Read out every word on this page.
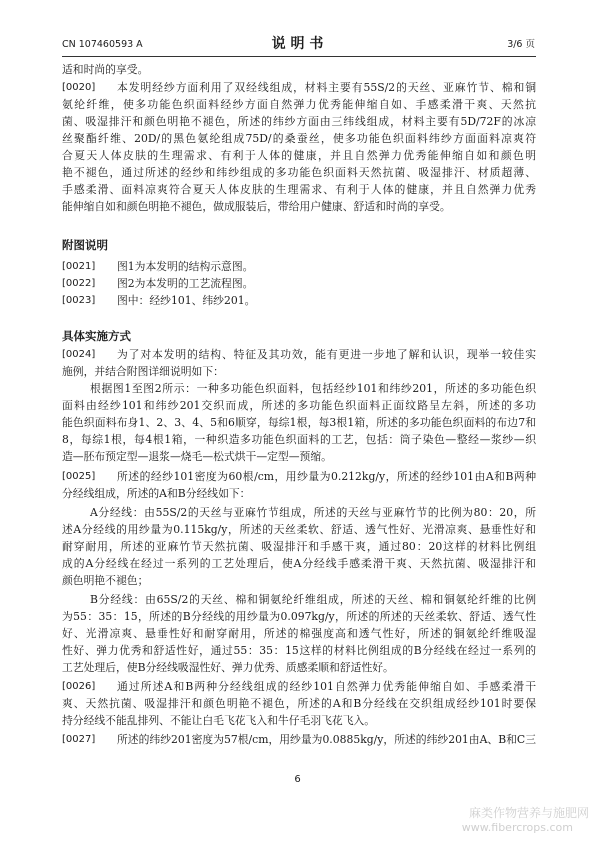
CN 107460593 A	说 明 书	3/6 页
适和时尚的享受。
[0020]	本发明经纱方面利用了双经线组成，材料主要有55S/2的天丝、亚麻竹节、棉和铜
氨纶纤维，使多功能色织面料经纱方面自然弹力优秀能伸缩自如、手感柔滑干爽、天然抗
菌、吸湿排汗和颜色明艳不褪色，所述的纬纱方面由三纬线组成，材料主要有5D/72F的冰凉
丝聚酯纤维、20D/的黑色氨纶组成75D/的桑蚕丝，使多功能色织面料纬纱方面面料凉爽符
合夏天人体皮肤的生理需求、有利于人体的健康，并且自然弹力优秀能伸缩自如和颜色明
艳不褪色，通过所述的经纱和纬纱组成的多功能色织面料天然抗菌、吸湿排汗、材质超薄、
手感柔滑、面料凉爽符合夏天人体皮肤的生理需求、有利于人体的健康，并且自然弹力优秀
能伸缩自如和颜色明艳不褪色，做成服装后，带给用户健康、舒适和时尚的享受。
附图说明
[0021]	图1为本发明的结构示意图。
[0022]	图2为本发明的工艺流程图。
[0023]	图中：经纱101、纬纱201。
具体实施方式
[0024]	为了对本发明的结构、特征及其功效，能有更进一步地了解和认识，现举一较佳实
施例，并结合附图详细说明如下：
根据图1至图2所示：一种多功能色织面料，包括经纱101和纬纱201，所述的多功能色织
面料由经纱101和纬纱201交织而成，所述的多功能色织面料正面纹路呈左斜，所述的多功
能色织面料布身1、2、3、4、5和6顺穿，每综1根，每3根1箱，所述的多功能色织面料的布边7和
8，每综1根，每4根1箱，一种织造多功能色织面料的工艺，包括：筒子染色—整经—浆纱—织
造—胚布预定型—退浆—烧毛—松式烘干—定型—预缩。
[0025]	所述的经纱101密度为60根/cm，用纱量为0.212kg/y，所述的经纱101由A和B两种
分经线组成，所述的A和B分经线如下：
A分经线：由55S/2的天丝与亚麻竹节组成，所述的天丝与亚麻竹节的比例为80：20，所
述A分经线的用纱量为0.115kg/y，所述的天丝柔软、舒适、透气性好、光滑凉爽、悬垂性好和
耐穿耐用，所述的亚麻竹节天然抗菌、吸湿排汗和手感干爽，通过80：20这样的材料比例组
成的A分经线在经过一系列的工艺处理后，使A分经线手感柔滑干爽、天然抗菌、吸湿排汗和
颜色明艳不褪色；
B分经线：由65S/2的天丝、棉和铜氨纶纤维组成，所述的天丝、棉和铜氨纶纤维的比例
为55：35：15，所述的B分经线的用纱量为0.097kg/y，所述的所述的天丝柔软、舒适、透气性
好、光滑凉爽、悬垂性好和耐穿耐用，所述的棉强度高和透气性好，所述的铜氨纶纤维吸湿
性好、弹力优秀和舒适性好，通过55：35：15这样的材料比例组成的B分经线在经过一系列的
工艺处理后，使B分经线吸湿性好、弹力优秀、质感柔顺和舒适性好。
[0026]	通过所述A和B两种分经线组成的经纱101自然弹力优秀能伸缩自如、手感柔滑干
爽、天然抗菌、吸湿排汗和颜色明艳不褪色，所述的A和B分经线在交织组成经纱101时要保
持分经线不能乱排列、不能让白毛飞花飞入和牛仔毛羽飞花飞入。
[0027]	所述的纬纱201密度为57根/cm，用纱量为0.0885kg/y，所述的纬纱201由A、B和C三
6
麻类作物营养与施肥网
www.fibercrops.com
